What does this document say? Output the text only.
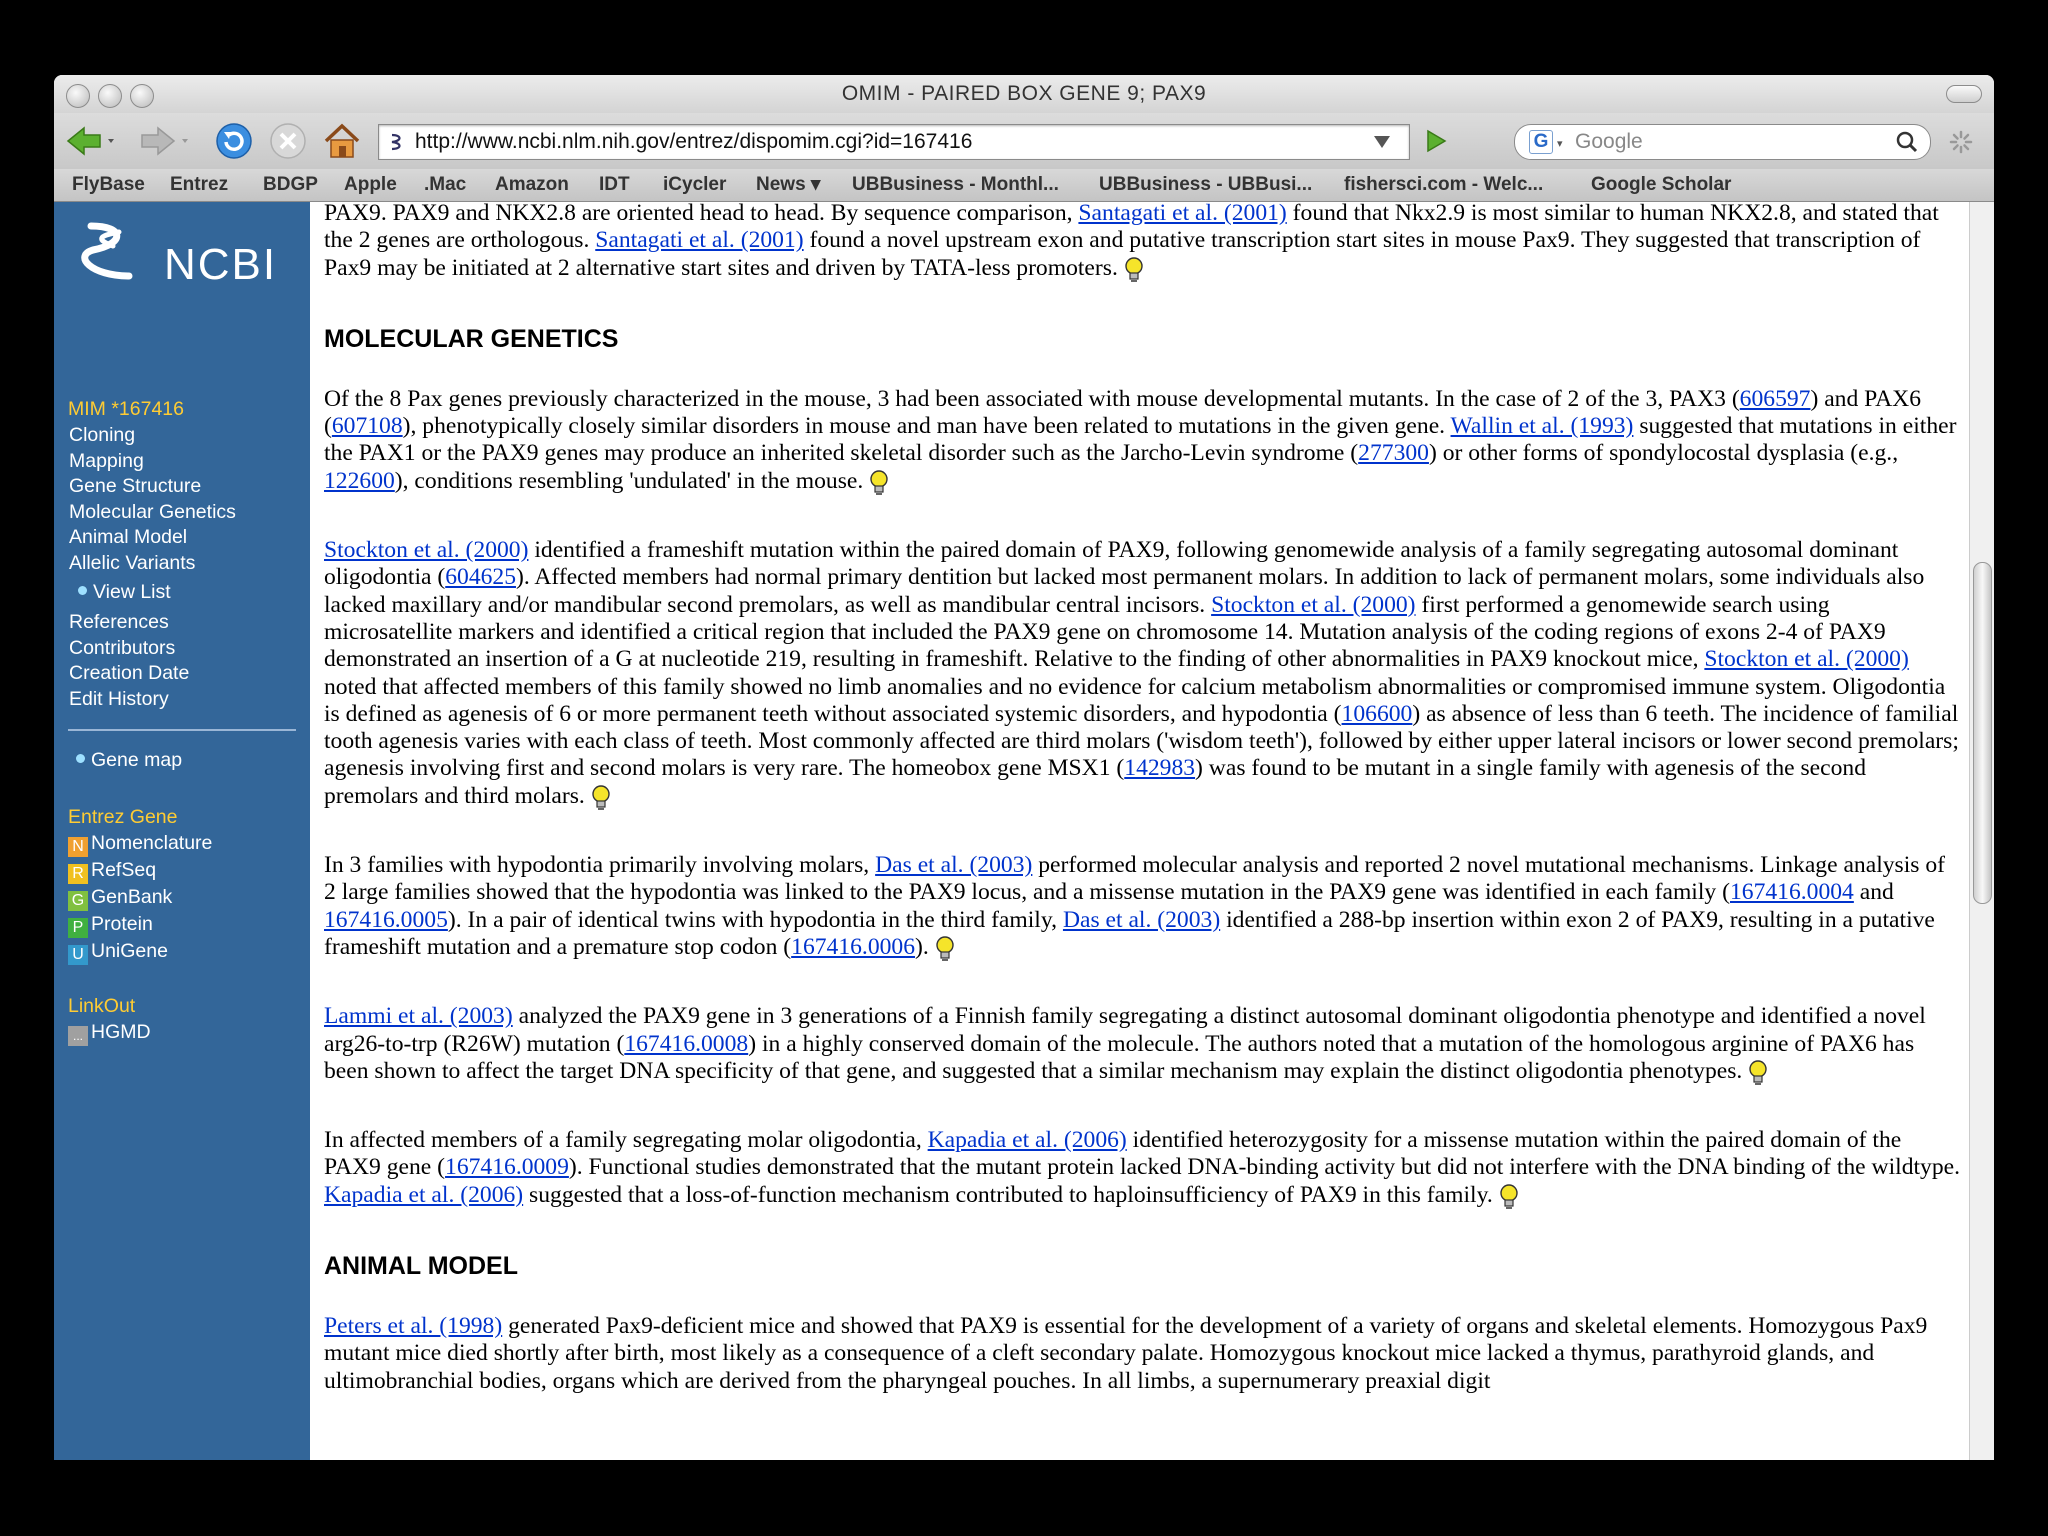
OMIM - PAIRED BOX GENE 9; PAX9
http://www.ncbi.nlm.nih.gov/entrez/dispomim.cgi?id=167416	G ▾ Google
FlyBase Entrez BDGP Apple .Mac Amazon IDT iCycler News ▾ UBBusiness - Monthl... UBBusiness - UBBusi... fishersci.com - Welc...	Google Scholar
NCBI
MIM *167416
Cloning
Mapping
Gene Structure
Molecular Genetics
Animal Model
Allelic Variants
View List
References
Contributors
Creation Date
Edit History
Gene map
Entrez Gene
N Nomenclature
R RefSeq
G GenBank
P Protein
U UniGene
LinkOut
... HGMD

PAX9. PAX9 and NKX2.8 are oriented head to head. By sequence comparison, Santagati et al. (2001) found that Nkx2.9 is most similar to human NKX2.8, and stated that the 2 genes are orthologous. Santagati et al. (2001) found a novel upstream exon and putative transcription start sites in mouse Pax9. They suggested that transcription of Pax9 may be initiated at 2 alternative start sites and driven by TATA-less promoters.

MOLECULAR GENETICS

Of the 8 Pax genes previously characterized in the mouse, 3 had been associated with mouse developmental mutants. In the case of 2 of the 3, PAX3 (606597) and PAX6 (607108), phenotypically closely similar disorders in mouse and man have been related to mutations in the given gene. Wallin et al. (1993) suggested that mutations in either the PAX1 or the PAX9 genes may produce an inherited skeletal disorder such as the Jarcho-Levin syndrome (277300) or other forms of spondylocostal dysplasia (e.g., 122600), conditions resembling 'undulated' in the mouse.

Stockton et al. (2000) identified a frameshift mutation within the paired domain of PAX9, following genomewide analysis of a family segregating autosomal dominant oligodontia (604625). Affected members had normal primary dentition but lacked most permanent molars. In addition to lack of permanent molars, some individuals also lacked maxillary and/or mandibular second premolars, as well as mandibular central incisors. Stockton et al. (2000) first performed a genomewide search using microsatellite markers and identified a critical region that included the PAX9 gene on chromosome 14. Mutation analysis of the coding regions of exons 2-4 of PAX9 demonstrated an insertion of a G at nucleotide 219, resulting in frameshift. Relative to the finding of other abnormalities in PAX9 knockout mice, Stockton et al. (2000) noted that affected members of this family showed no limb anomalies and no evidence for calcium metabolism abnormalities or compromised immune system. Oligodontia is defined as agenesis of 6 or more permanent teeth without associated systemic disorders, and hypodontia (106600) as absence of less than 6 teeth. The incidence of familial tooth agenesis varies with each class of teeth. Most commonly affected are third molars ('wisdom teeth'), followed by either upper lateral incisors or lower second premolars; agenesis involving first and second molars is very rare. The homeobox gene MSX1 (142983) was found to be mutant in a single family with agenesis of the second premolars and third molars.

In 3 families with hypodontia primarily involving molars, Das et al. (2003) performed molecular analysis and reported 2 novel mutational mechanisms. Linkage analysis of 2 large families showed that the hypodontia was linked to the PAX9 locus, and a missense mutation in the PAX9 gene was identified in each family (167416.0004 and 167416.0005). In a pair of identical twins with hypodontia in the third family, Das et al. (2003) identified a 288-bp insertion within exon 2 of PAX9, resulting in a putative frameshift mutation and a premature stop codon (167416.0006).

Lammi et al. (2003) analyzed the PAX9 gene in 3 generations of a Finnish family segregating a distinct autosomal dominant oligodontia phenotype and identified a novel arg26-to-trp (R26W) mutation (167416.0008) in a highly conserved domain of the molecule. The authors noted that a mutation of the homologous arginine of PAX6 has been shown to affect the target DNA specificity of that gene, and suggested that a similar mechanism may explain the distinct oligodontia phenotypes.

In affected members of a family segregating molar oligodontia, Kapadia et al. (2006) identified heterozygosity for a missense mutation within the paired domain of the PAX9 gene (167416.0009). Functional studies demonstrated that the mutant protein lacked DNA-binding activity but did not interfere with the DNA binding of the wildtype. Kapadia et al. (2006) suggested that a loss-of-function mechanism contributed to haploinsufficiency of PAX9 in this family.

ANIMAL MODEL

Peters et al. (1998) generated Pax9-deficient mice and showed that PAX9 is essential for the development of a variety of organs and skeletal elements. Homozygous Pax9 mutant mice died shortly after birth, most likely as a consequence of a cleft secondary palate. Homozygous knockout mice lacked a thymus, parathyroid glands, and ultimobranchial bodies, organs which are derived from the pharyngeal pouches. In all limbs, a supernumerary preaxial digit
